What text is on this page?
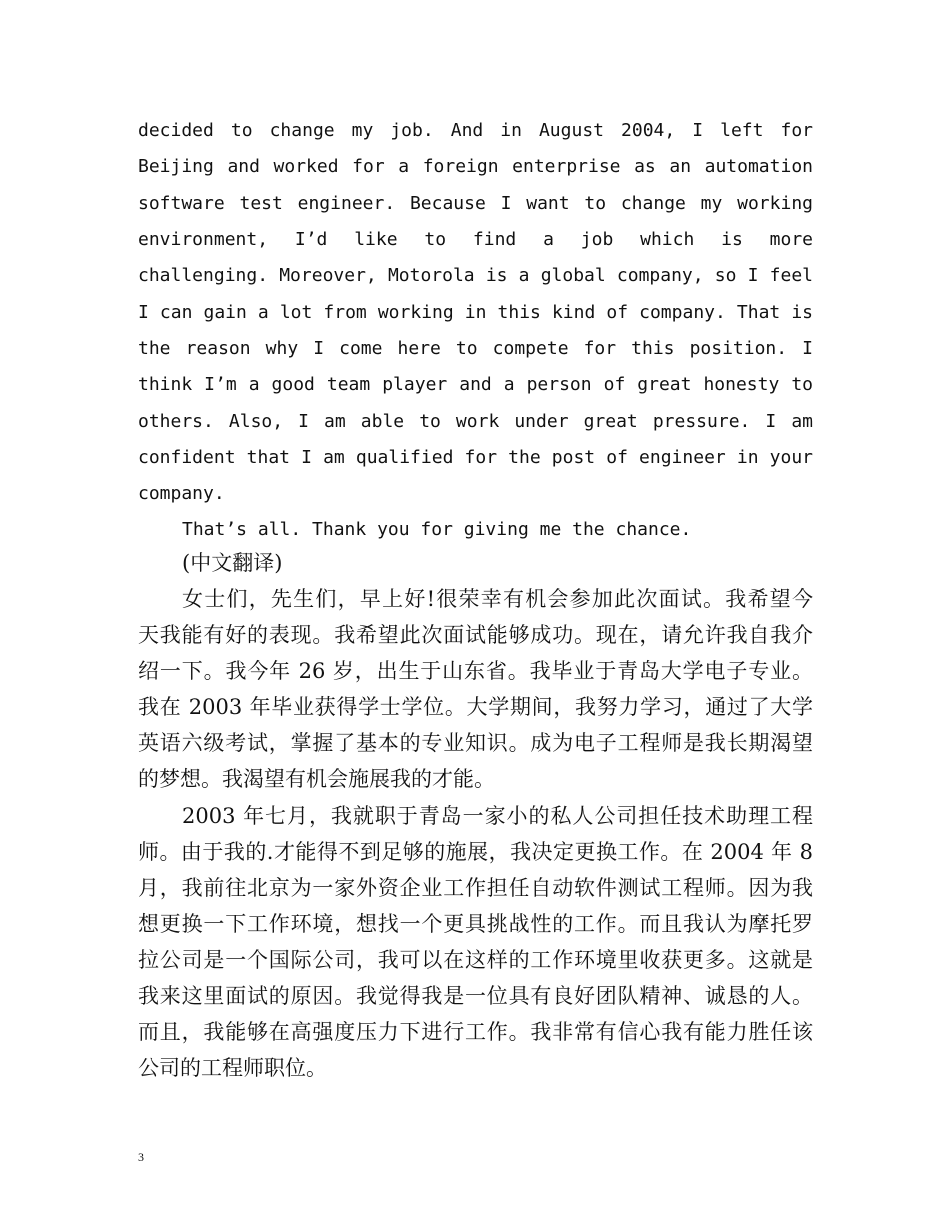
decided to change my job. And in August 2004, I left for
Beijing and worked for a foreign enterprise as an automation
software test engineer. Because I want to change my working
environment, I’d like to find a job which is more
challenging. Moreover, Motorola is a global company, so I feel
I can gain a lot from working in this kind of company. That is
the reason why I come here to compete for this position. I
think I’m a good team player and a person of great honesty to
others. Also, I am able to work under great pressure. I am
confident that I am qualified for the post of engineer in your
company.
That’s all. Thank you for giving me the chance.
(中文翻译)
女士们，先生们，早上好!很荣幸有机会参加此次面试。我希望今
天我能有好的表现。我希望此次面试能够成功。现在，请允许我自我介
绍一下。我今年 26 岁，出生于山东省。我毕业于青岛大学电子专业。
我在 2003 年毕业获得学士学位。大学期间，我努力学习，通过了大学
英语六级考试，掌握了基本的专业知识。成为电子工程师是我长期渴望
的梦想。我渴望有机会施展我的才能。
2003 年七月，我就职于青岛一家小的私人公司担任技术助理工程
师。由于我的.才能得不到足够的施展，我决定更换工作。在 2004 年 8
月，我前往北京为一家外资企业工作担任自动软件测试工程师。因为我
想更换一下工作环境，想找一个更具挑战性的工作。而且我认为摩托罗
拉公司是一个国际公司，我可以在这样的工作环境里收获更多。这就是
我来这里面试的原因。我觉得我是一位具有良好团队精神、诚恳的人。
而且，我能够在高强度压力下进行工作。我非常有信心我有能力胜任该
公司的工程师职位。
3
